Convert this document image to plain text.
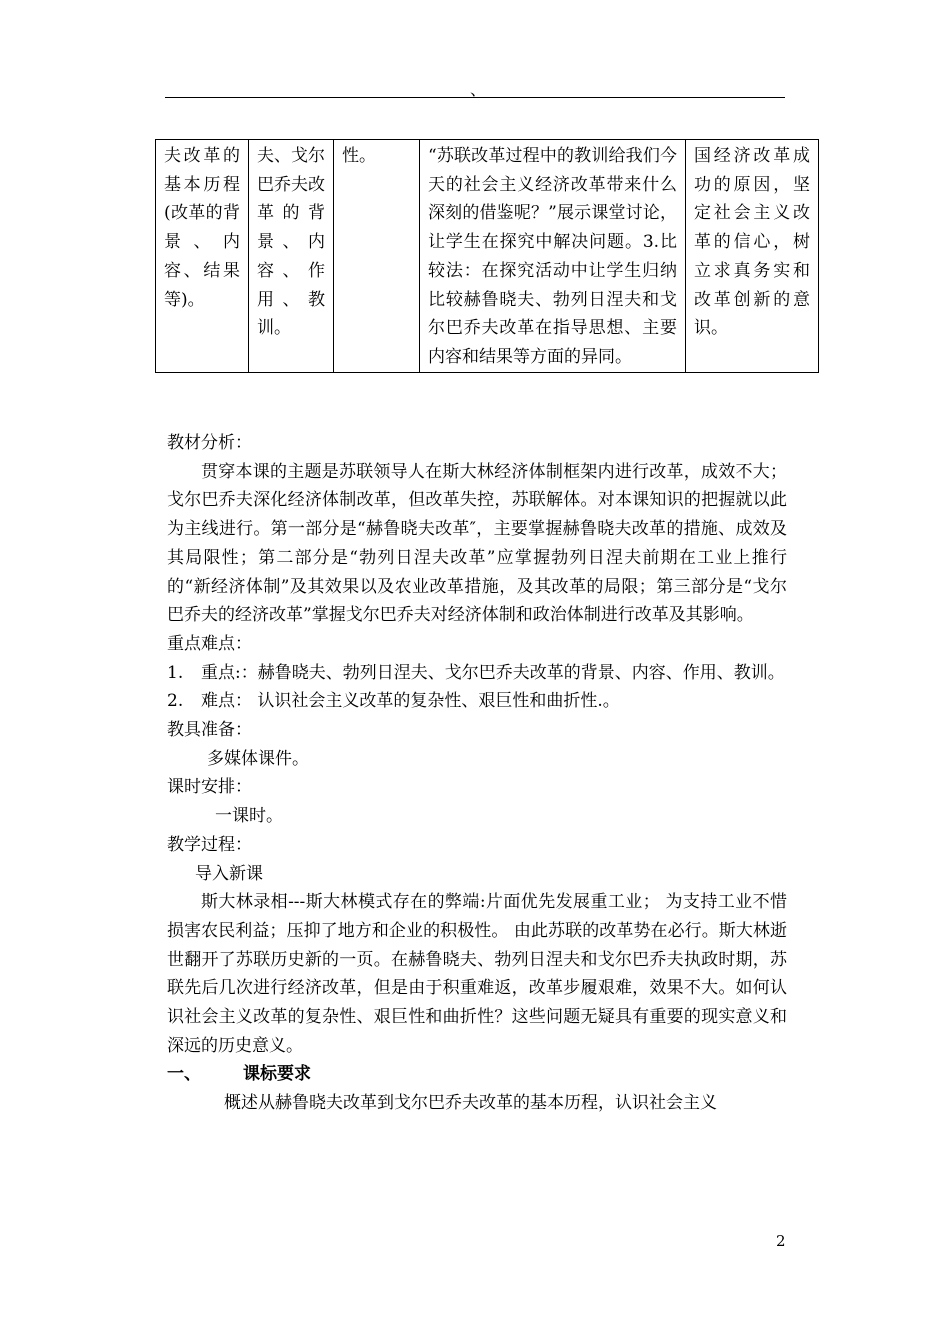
、
夫改革的基本历程(改革的背景、内容、结果等)。	夫、戈尔巴乔夫改革的背景、内容、作用、教训。	性。	“苏联改革过程中的教训给我们今天的社会主义经济改革带来什么深刻的借鉴呢？”展示课堂讨论，让学生在探究中解决问题。3.比较法：在探究活动中让学生归纳比较赫鲁晓夫、勃列日涅夫和戈尔巴乔夫改革在指导思想、主要内容和结果等方面的异同。	国经济改革成功的原因，坚定社会主义改革的信心，树立求真务实和改革创新的意识。

教材分析：

贯穿本课的主题是苏联领导人在斯大林经济体制框架内进行改革，成效不大；戈尔巴乔夫深化经济体制改革，但改革失控，苏联解体。对本课知识的把握就以此为主线进行。第一部分是“赫鲁晓夫改革″，主要掌握赫鲁晓夫改革的措施、成效及其局限性；第二部分是“勃列日涅夫改革”应掌握勃列日涅夫前期在工业上推行的“新经济体制”及其效果以及农业改革措施，及其改革的局限；第三部分是“戈尔巴乔夫的经济改革”掌握戈尔巴乔夫对经济体制和政治体制进行改革及其影响。

重点难点：

1. 重点:：赫鲁晓夫、勃列日涅夫、戈尔巴乔夫改革的背景、内容、作用、教训。
2. 难点： 认识社会主义改革的复杂性、艰巨性和曲折性.。

教具准备：

多媒体课件。

课时安排：

一课时。

教学过程：

导入新课

斯大林录相---斯大林模式存在的弊端:片面优先发展重工业； 为支持工业不惜损害农民利益；压抑了地方和企业的积极性。 由此苏联的改革势在必行。斯大林逝世翻开了苏联历史新的一页。在赫鲁晓夫、勃列日涅夫和戈尔巴乔夫执政时期，苏联先后几次进行经济改革，但是由于积重难返，改革步履艰难，效果不大。如何认识社会主义改革的复杂性、艰巨性和曲折性？这些问题无疑具有重要的现实意义和深远的历史意义。

一、 课标要求

概述从赫鲁晓夫改革到戈尔巴乔夫改革的基本历程，认识社会主义

2
